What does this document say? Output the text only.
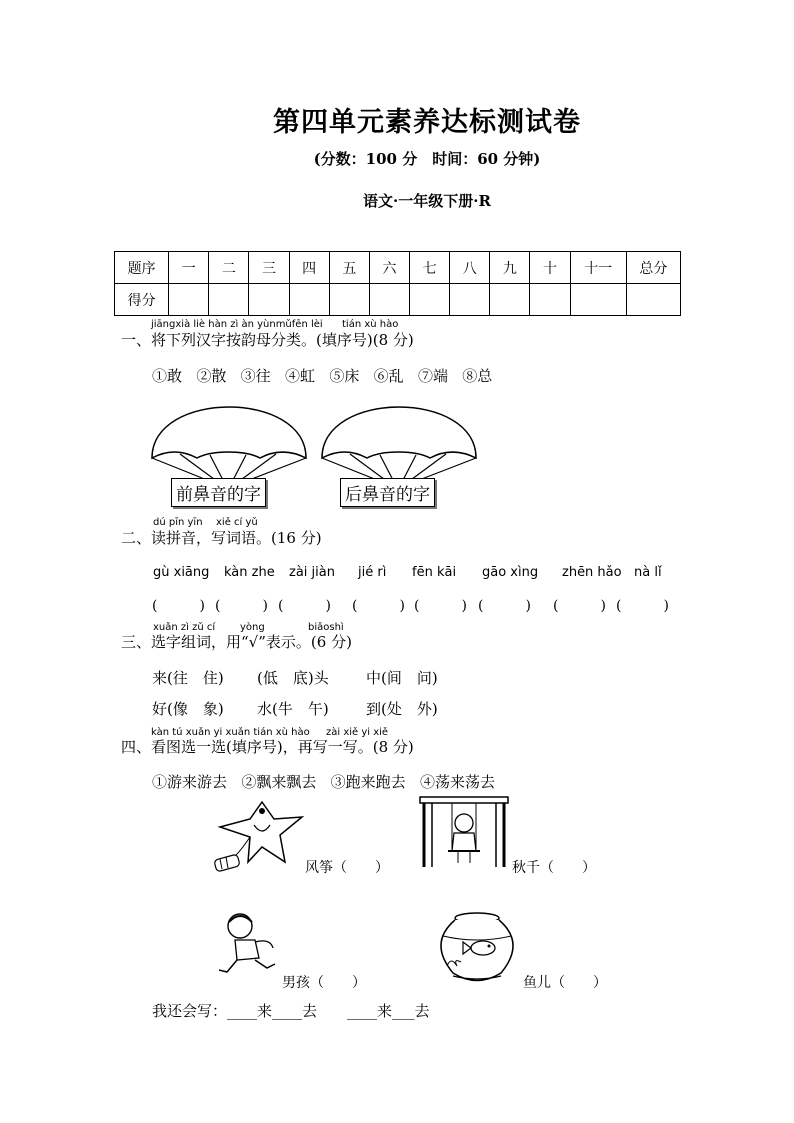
第四单元素养达标测试卷
(分数：100 分　时间：60 分钟)
语文·一年级下册·R
题序	一	二	三	四	五	六	七	八	九	十	十一	总分
得分												
jiāngxià liè hàn zì àn yùnmǔfēn lèi tián xù hào
一、将下列汉字按韵母分类。(填序号)(8 分)
①敢 ②散 ③往 ④虹 ⑤床 ⑥乱 ⑦端 ⑧总
前鼻音的字	后鼻音的字
dú pīn yīn xiě cí yǔ
二、读拼音，写词语。(16 分)
gù xiāng kàn zhe zài jiàn jié rì fēn kāi gāo xìng zhēn hǎo nà lǐ
(　　　) (　　　) (　　　) (　　　) (　　　) (　　　) (　　　) (　　　)
xuǎn zì zǔ cí yòng	biǎoshì
三、选字组词，用“√”表示。(6 分)
来(往　住) (低　底)头 中(间　问)
好(像　象) 水(牛　午) 到(处　外)
kàn tú xuǎn yi xuǎn tián xù hào zài xiě yi xiě
四、看图选一选(填序号)，再写一写。(8 分)
①游来游去 ②飘来飘去 ③跑来跑去 ④荡来荡去
风筝（　　）	秋千（　　）
男孩（　　）	鱼儿（　　）
我还会写：____来____去　　____来___去
